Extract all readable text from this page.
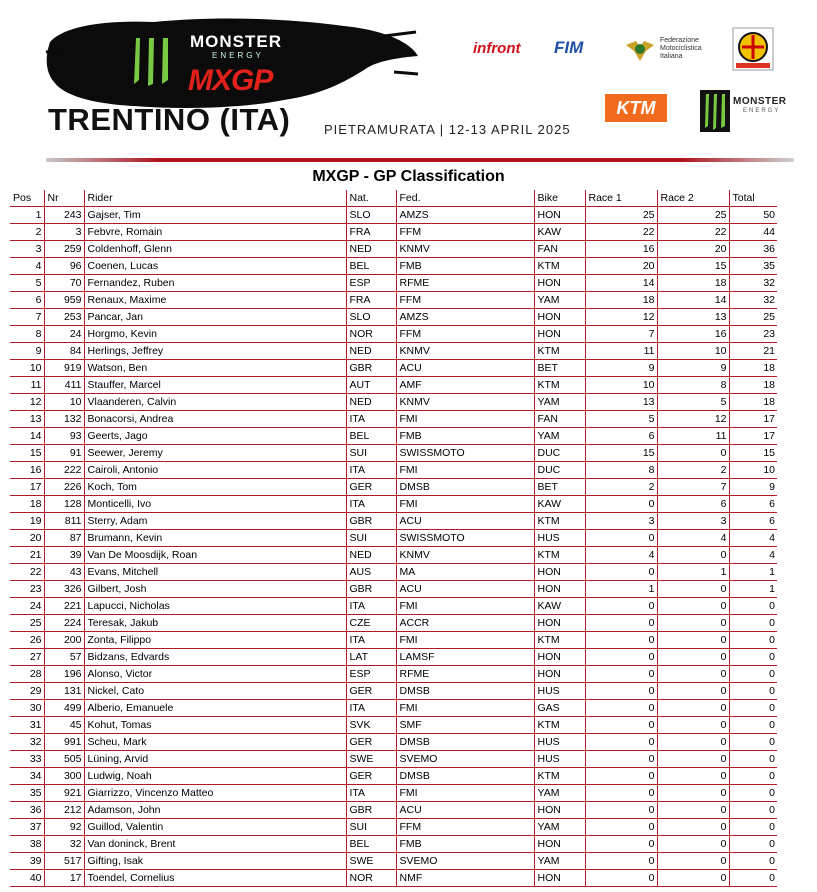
MONSTER
ENERGY
MXGP
TRENTINO (ITA)	PIETRAMURATA | 12-13 APRIL 2025
infront FIM	Federazione Motociclistica Italiana
KTM	MONSTER
ENERGY
MXGP - GP Classification
Pos	Nr	Rider	Nat.	Fed.	Bike	Race 1	Race 2	Total
1	243	Gajser, Tim	SLO	AMZS	HON	25	25	50
2	3	Febvre, Romain	FRA	FFM	KAW	22	22	44
3	259	Coldenhoff, Glenn	NED	KNMV	FAN	16	20	36
4	96	Coenen, Lucas	BEL	FMB	KTM	20	15	35
5	70	Fernandez, Ruben	ESP	RFME	HON	14	18	32
6	959	Renaux, Maxime	FRA	FFM	YAM	18	14	32
7	253	Pancar, Jan	SLO	AMZS	HON	12	13	25
8	24	Horgmo, Kevin	NOR	FFM	HON	7	16	23
9	84	Herlings, Jeffrey	NED	KNMV	KTM	11	10	21
10	919	Watson, Ben	GBR	ACU	BET	9	9	18
11	411	Stauffer, Marcel	AUT	AMF	KTM	10	8	18
12	10	Vlaanderen, Calvin	NED	KNMV	YAM	13	5	18
13	132	Bonacorsi, Andrea	ITA	FMI	FAN	5	12	17
14	93	Geerts, Jago	BEL	FMB	YAM	6	11	17
15	91	Seewer, Jeremy	SUI	SWISSMOTO	DUC	15	0	15
16	222	Cairoli, Antonio	ITA	FMI	DUC	8	2	10
17	226	Koch, Tom	GER	DMSB	BET	2	7	9
18	128	Monticelli, Ivo	ITA	FMI	KAW	0	6	6
19	811	Sterry, Adam	GBR	ACU	KTM	3	3	6
20	87	Brumann, Kevin	SUI	SWISSMOTO	HUS	0	4	4
21	39	Van De Moosdijk, Roan	NED	KNMV	KTM	4	0	4
22	43	Evans, Mitchell	AUS	MA	HON	0	1	1
23	326	Gilbert, Josh	GBR	ACU	HON	1	0	1
24	221	Lapucci, Nicholas	ITA	FMI	KAW	0	0	0
25	224	Teresak, Jakub	CZE	ACCR	HON	0	0	0
26	200	Zonta, Filippo	ITA	FMI	KTM	0	0	0
27	57	Bidzans, Edvards	LAT	LAMSF	HON	0	0	0
28	196	Alonso, Victor	ESP	RFME	HON	0	0	0
29	131	Nickel, Cato	GER	DMSB	HUS	0	0	0
30	499	Alberio, Emanuele	ITA	FMI	GAS	0	0	0
31	45	Kohut, Tomas	SVK	SMF	KTM	0	0	0
32	991	Scheu, Mark	GER	DMSB	HUS	0	0	0
33	505	Lüning, Arvid	SWE	SVEMO	HUS	0	0	0
34	300	Ludwig, Noah	GER	DMSB	KTM	0	0	0
35	921	Giarrizzo, Vincenzo Matteo	ITA	FMI	YAM	0	0	0
36	212	Adamson, John	GBR	ACU	HON	0	0	0
37	92	Guillod, Valentin	SUI	FFM	YAM	0	0	0
38	32	Van doninck, Brent	BEL	FMB	HON	0	0	0
39	517	Gifting, Isak	SWE	SVEMO	YAM	0	0	0
40	17	Toendel, Cornelius	NOR	NMF	HON	0	0	0
